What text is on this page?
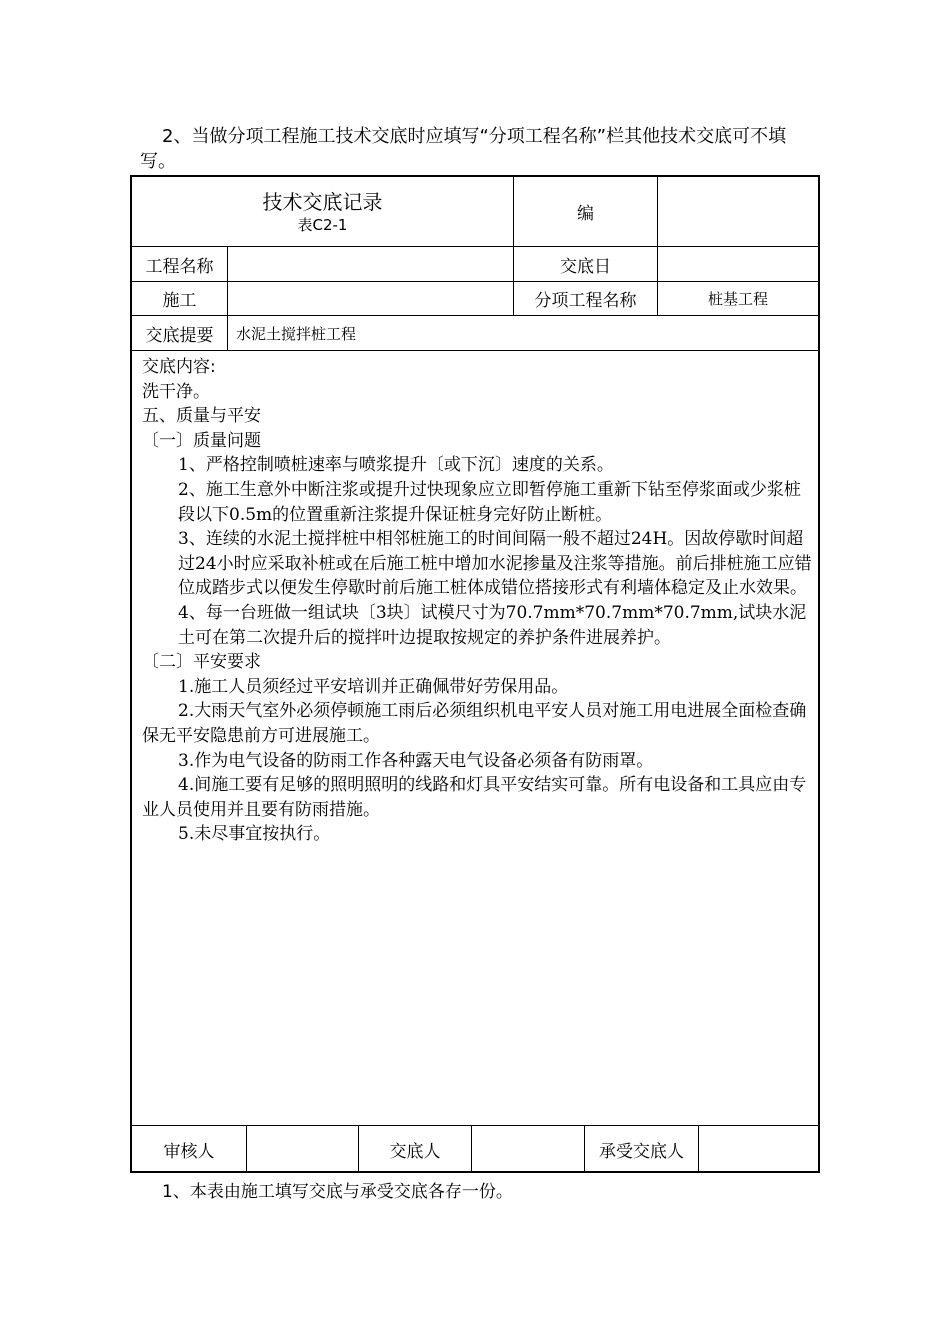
2、当做分项工程施工技术交底时应填写“分项工程名称”栏其他技术交底可不填写。
技术交底记录
表C2-1
编
工程名称	交底日
施工	分项工程名称	桩基工程
交底提要	水泥土搅拌桩工程

交底内容:

洗干净。

五、质量与平安

〔一〕质量问题

1、严格控制喷桩速率与喷浆提升〔或下沉〕速度的关系。

2、施工生意外中断注浆或提升过快现象应立即暂停施工重新下钻至停浆面或少浆桩段以下0.5m的位置重新注浆提升保证桩身完好防止断桩。

3、连续的水泥土搅拌桩中相邻桩施工的时间间隔一般不超过24H。因故停歇时间超过24小时应采取补桩或在后施工桩中增加水泥掺量及注浆等措施。前后排桩施工应错位成踏步式以便发生停歇时前后施工桩体成错位搭接形式有利墙体稳定及止水效果。

4、每一台班做一组试块〔3块〕试模尺寸为70.7mm*70.7mm*70.7mm,试块水泥土可在第二次提升后的搅拌叶边提取按规定的养护条件进展养护。

〔二〕平安要求

1.施工人员须经过平安培训并正确佩带好劳保用品。

2.大雨天气室外必须停顿施工雨后必须组织机电平安人员对施工用电进展全面检查确保无平安隐患前方可进展施工。

3.作为电气设备的防雨工作各种露天电气设备必须备有防雨罩。

4.间施工要有足够的照明照明的线路和灯具平安结实可靠。所有电设备和工具应由专业人员使用并且要有防雨措施。

5.未尽事宜按执行。

审核人	交底人	承受交底人
1、本表由施工填写交底与承受交底各存一份。
